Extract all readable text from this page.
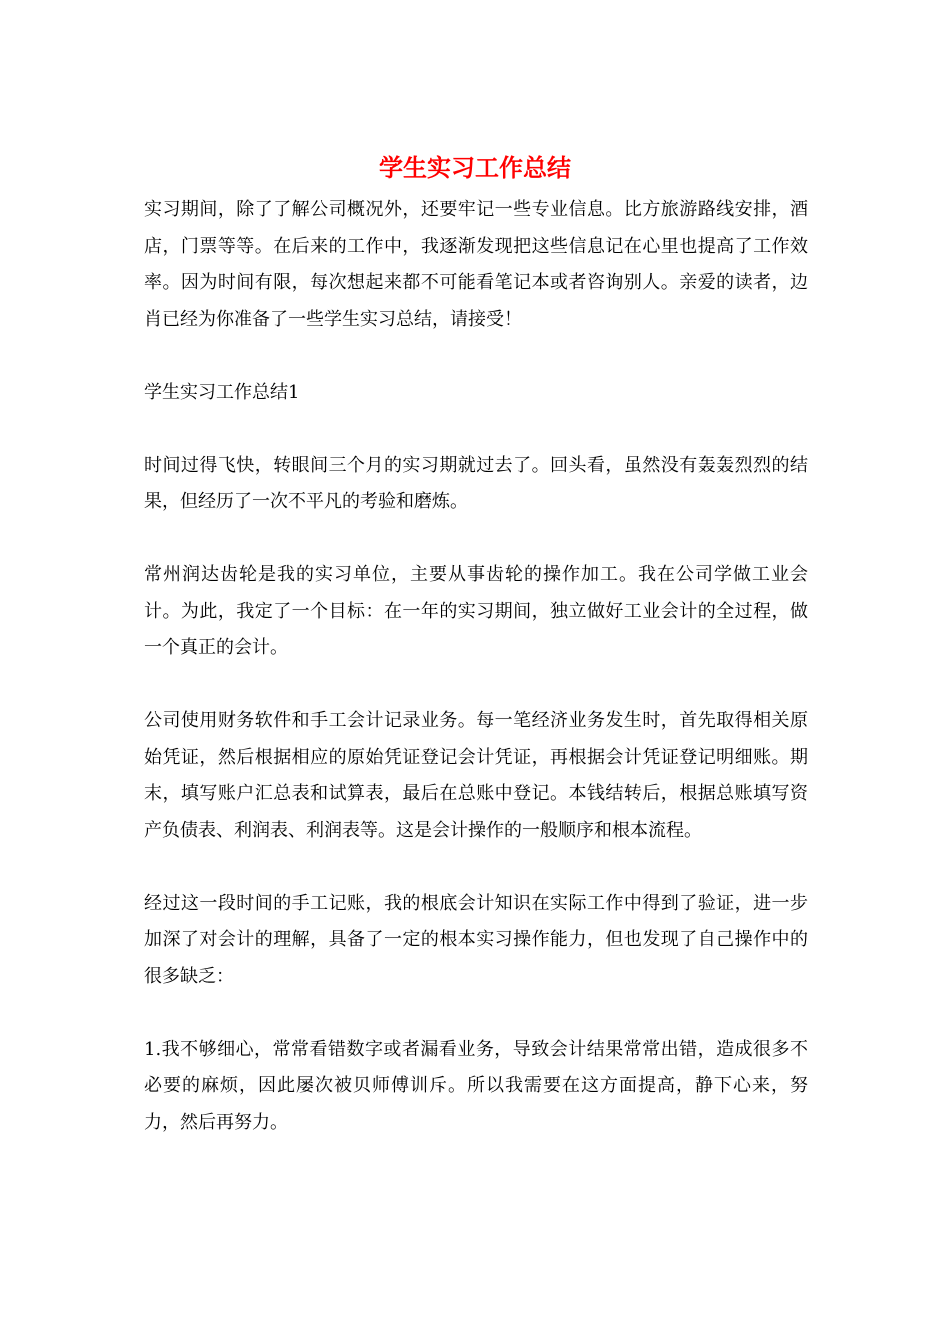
学生实习工作总结

实习期间，除了了解公司概况外，还要牢记一些专业信息。比方旅游路线安排，酒店，门票等等。在后来的工作中，我逐渐发现把这些信息记在心里也提高了工作效率。因为时间有限，每次想起来都不可能看笔记本或者咨询别人。亲爱的读者，边肖已经为你准备了一些学生实习总结，请接受！

学生实习工作总结1

时间过得飞快，转眼间三个月的实习期就过去了。回头看，虽然没有轰轰烈烈的结果，但经历了一次不平凡的考验和磨炼。

常州润达齿轮是我的实习单位，主要从事齿轮的操作加工。我在公司学做工业会计。为此，我定了一个目标：在一年的实习期间，独立做好工业会计的全过程，做一个真正的会计。

公司使用财务软件和手工会计记录业务。每一笔经济业务发生时，首先取得相关原始凭证，然后根据相应的原始凭证登记会计凭证，再根据会计凭证登记明细账。期末，填写账户汇总表和试算表，最后在总账中登记。本钱结转后，根据总账填写资产负债表、利润表、利润表等。这是会计操作的一般顺序和根本流程。

经过这一段时间的手工记账，我的根底会计知识在实际工作中得到了验证，进一步加深了对会计的理解，具备了一定的根本实习操作能力，但也发现了自己操作中的很多缺乏：

1.我不够细心，常常看错数字或者漏看业务，导致会计结果常常出错，造成很多不必要的麻烦，因此屡次被贝师傅训斥。所以我需要在这方面提高，静下心来，努力，然后再努力。
